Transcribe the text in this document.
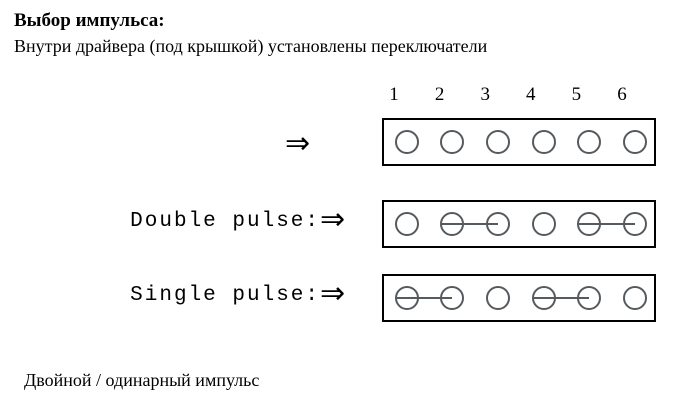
Выбор импульса:
Внутри драйвера (под крышкой) установлены переключатели
1	2	3	4	5	6
⇒
Double pulse: ⇒
Single pulse: ⇒
Двойной / одинарный импульс
